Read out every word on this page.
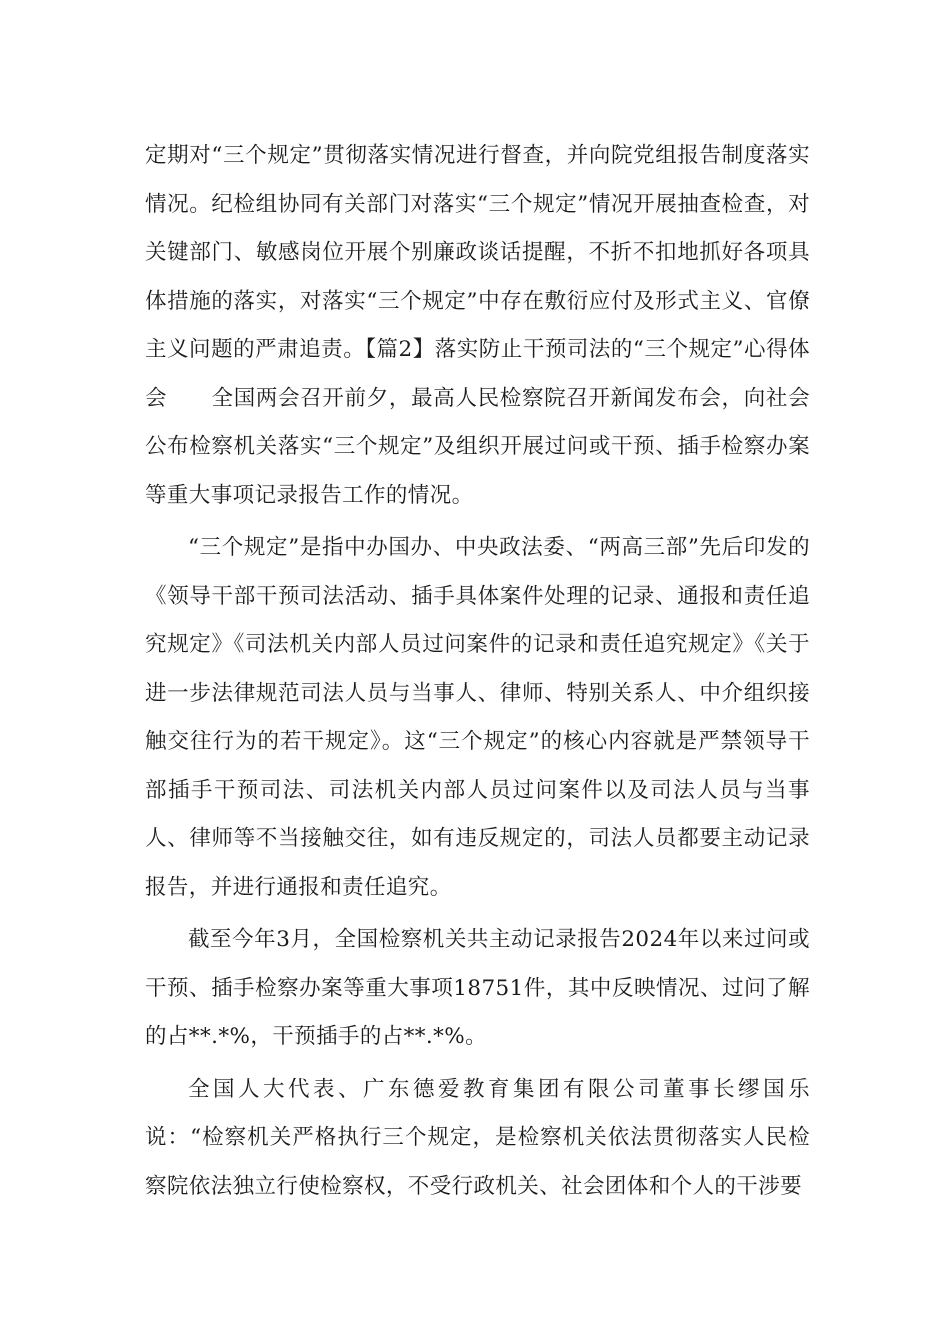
定期对“三个规定”贯彻落实情况进行督查，并向院党组报告制度落实情况。纪检组协同有关部门对落实“三个规定”情况开展抽查检查，对关键部门、敏感岗位开展个别廉政谈话提醒，不折不扣地抓好各项具体措施的落实，对落实“三个规定”中存在敷衍应付及形式主义、官僚主义问题的严肃追责。【篇2】落实防止干预司法的“三个规定”心得体会　　全国两会召开前夕，最高人民检察院召开新闻发布会，向社会公布检察机关落实“三个规定”及组织开展过问或干预、插手检察办案等重大事项记录报告工作的情况。

“三个规定”是指中办国办、中央政法委、“两高三部”先后印发的《领导干部干预司法活动、插手具体案件处理的记录、通报和责任追究规定》《司法机关内部人员过问案件的记录和责任追究规定》《关于进一步法律规范司法人员与当事人、律师、特别关系人、中介组织接触交往行为的若干规定》。这“三个规定”的核心内容就是严禁领导干部插手干预司法、司法机关内部人员过问案件以及司法人员与当事人、律师等不当接触交往，如有违反规定的，司法人员都要主动记录报告，并进行通报和责任追究。

截至今年3月，全国检察机关共主动记录报告2024年以来过问或干预、插手检察办案等重大事项18751件，其中反映情况、过问了解的占**.*%，干预插手的占**.*%。

全国人大代表、广东德爱教育集团有限公司董事长缪国乐说：“检察机关严格执行三个规定，是检察机关依法贯彻落实人民检察院依法独立行使检察权，不受行政机关、社会团体和个人的干涉要
